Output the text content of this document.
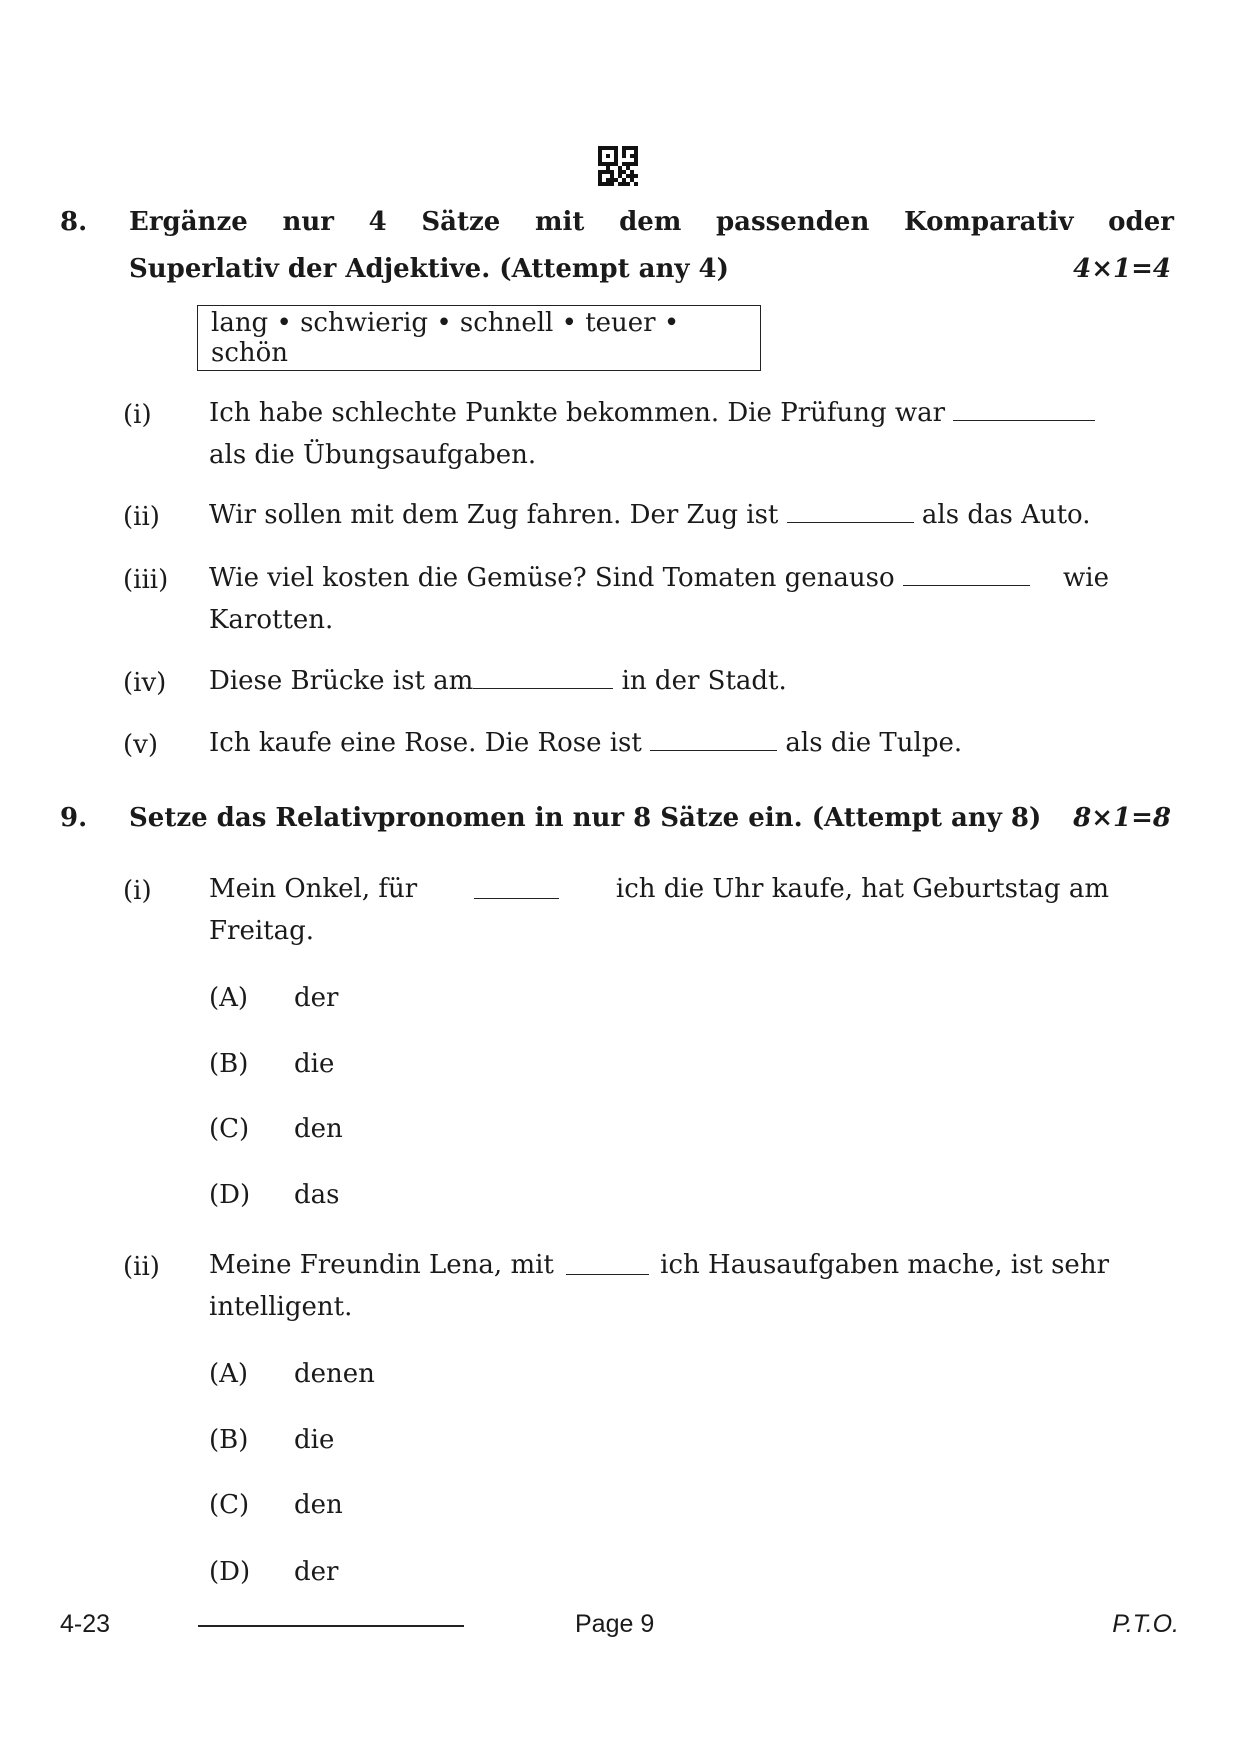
8. Ergänze nur 4 Sätze mit dem passenden Komparativ oder
Superlativ der Adjektive. (Attempt any 4)	4×1=4
lang • schwierig • schnell • teuer • schön
(i) Ich habe schlechte Punkte bekommen. Die Prüfung war
als die Übungsaufgaben.
(ii) Wir sollen mit dem Zug fahren. Der Zug ist	als das Auto.
(iii) Wie viel kosten die Gemüse? Sind Tomaten genauso	wie
Karotten.
(iv) Diese Brücke ist am	in der Stadt.
(v) Ich kaufe eine Rose. Die Rose ist	als die Tulpe.
9. Setze das Relativpronomen in nur 8 Sätze ein. (Attempt any 8) 8×1=8
(i) Mein Onkel, für	ich die Uhr kaufe, hat Geburtstag am
Freitag.
(A) der
(B) die
(C) den
(D) das
(ii) Meine Freundin Lena, mit	ich Hausaufgaben mache, ist sehr
intelligent.
(A) denen
(B) die
(C) den
(D) der
4-23	Page 9	P.T.O.
